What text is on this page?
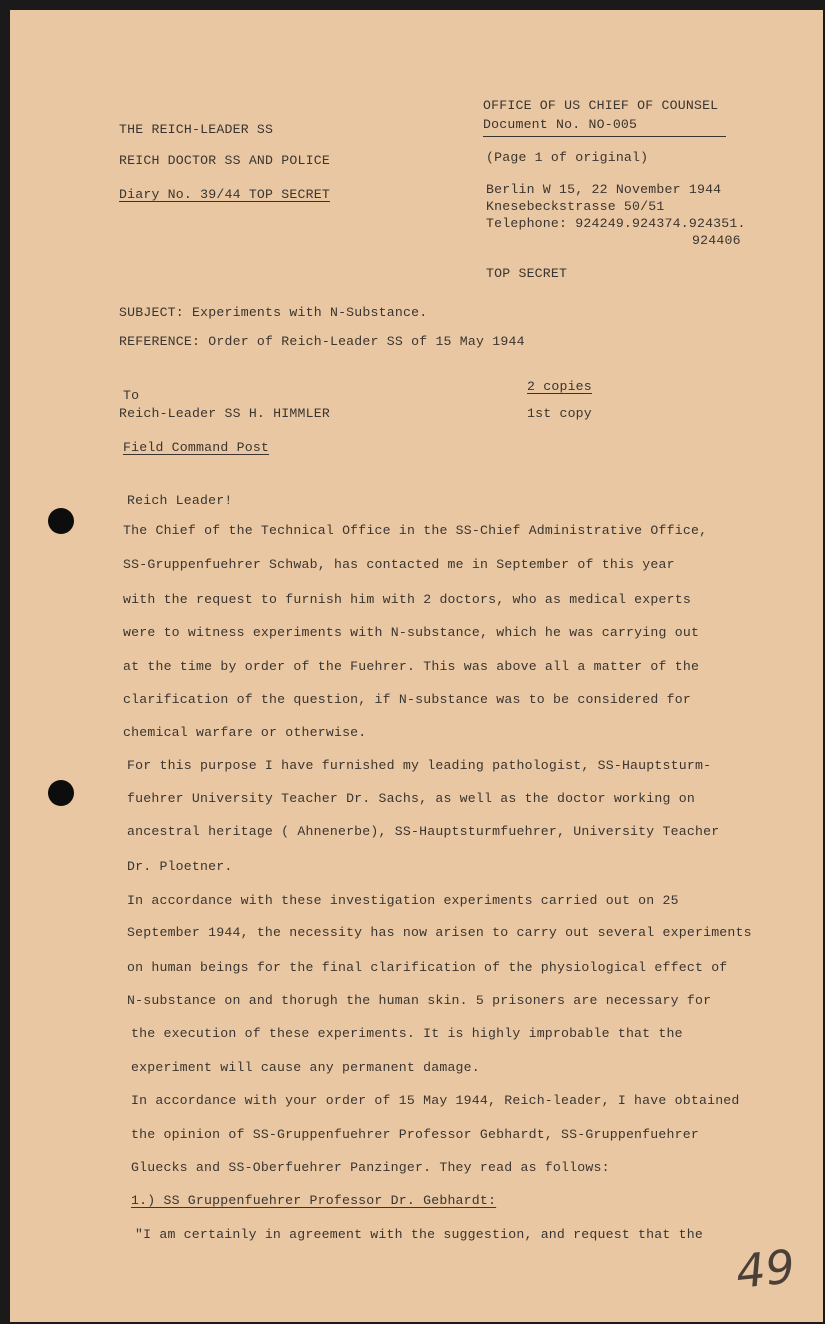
THE REICH-LEADER SS
REICH DOCTOR SS AND POLICE
Diary No. 39/44 TOP SECRET
OFFICE OF US CHIEF OF COUNSEL
Document No. NO-005
(Page 1 of original)
Berlin W 15, 22 November 1944
Knesebeckstrasse 50/51
Telephone: 924249.924374.924351.
924406
TOP SECRET
SUBJECT: Experiments with N-Substance.
REFERENCE: Order of Reich-Leader SS of 15 May 1944
To
2 copies
Reich-Leader SS H. HIMMLER	1st copy
Field Command Post
Reich Leader!
The Chief of the Technical Office in the SS-Chief Administrative Office,
SS-Gruppenfuehrer Schwab, has contacted me in September of this year
with the request to furnish him with 2 doctors, who as medical experts
were to witness experiments with N-substance, which he was carrying out
at the time by order of the Fuehrer. This was above all a matter of the
clarification of the question, if N-substance was to be considered for
chemical warfare or otherwise.
For this purpose I have furnished my leading pathologist, SS-Hauptsturm-
fuehrer University Teacher Dr. Sachs, as well as the doctor working on
ancestral heritage ( Ahnenerbe), SS-Hauptsturmfuehrer, University Teacher
Dr. Ploetner.
In accordance with these investigation experiments carried out on 25
September 1944, the necessity has now arisen to carry out several experiments
on human beings for the final clarification of the physiological effect of
N-substance on and thorugh the human skin. 5 prisoners are necessary for
the execution of these experiments. It is highly improbable that the
experiment will cause any permanent damage.
In accordance with your order of 15 May 1944, Reich-leader, I have obtained
the opinion of SS-Gruppenfuehrer Professor Gebhardt, SS-Gruppenfuehrer
Gluecks and SS-Oberfuehrer Panzinger. They read as follows:
1.) SS Gruppenfuehrer Professor Dr. Gebhardt:
"I am certainly in agreement with the suggestion, and request that the
49
